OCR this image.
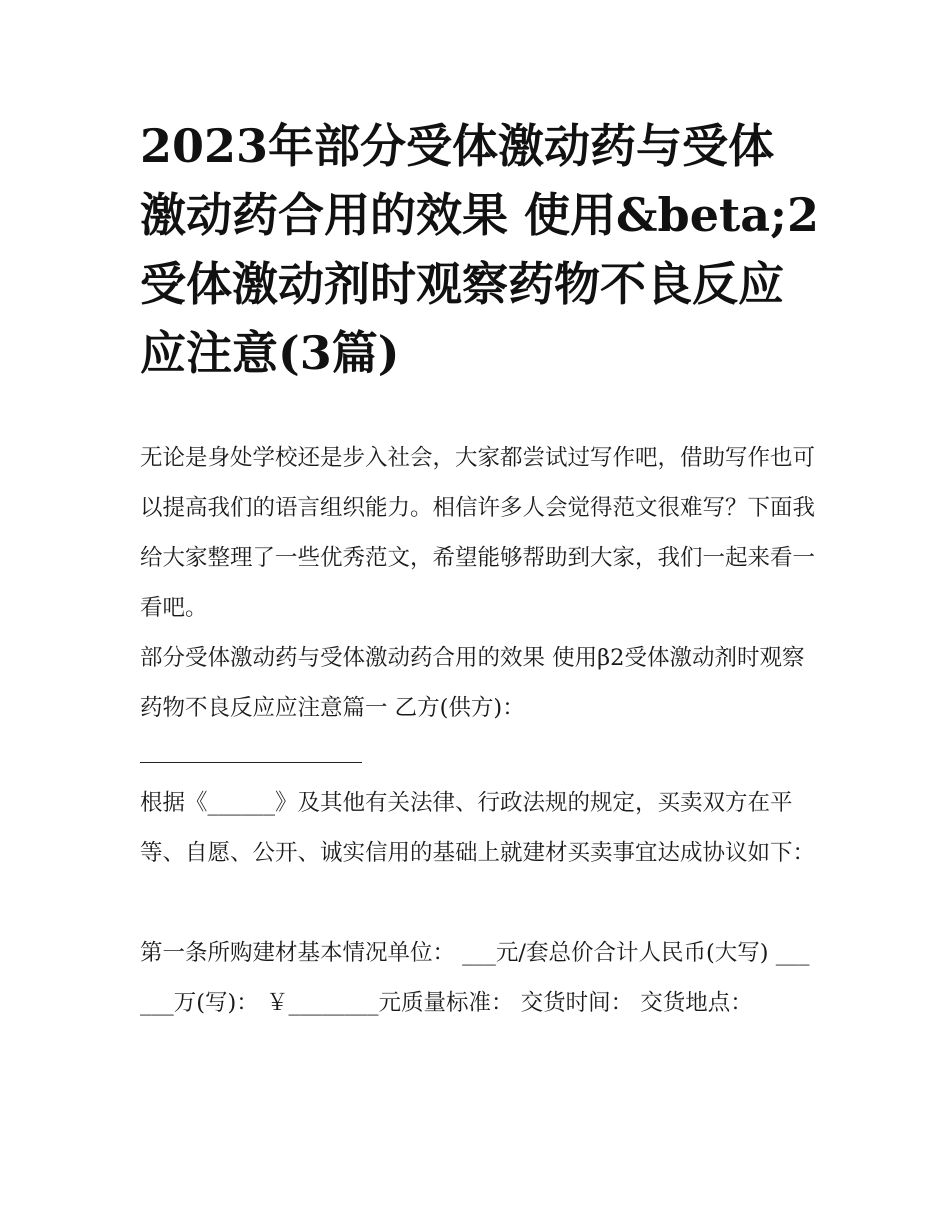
2023年部分受体激动药与受体激动药合用的效果 使用&beta;2受体激动剂时观察药物不良反应应注意(3篇)

无论是身处学校还是步入社会，大家都尝试过写作吧，借助写作也可以提高我们的语言组织能力。相信许多人会觉得范文很难写？下面我给大家整理了一些优秀范文，希望能够帮助到大家，我们一起来看一看吧。

部分受体激动药与受体激动药合用的效果 使用β2受体激动剂时观察药物不良反应应注意篇一 乙方(供方)：

根据《______》及其他有关法律、行政法规的规定，买卖双方在平等、自愿、公开、诚实信用的基础上就建材买卖事宜达成协议如下：

第一条所购建材基本情况单位： ___元/套总价合计人民币(大写) ______万(写)： ￥________元质量标准： 交货时间： 交货地点：
